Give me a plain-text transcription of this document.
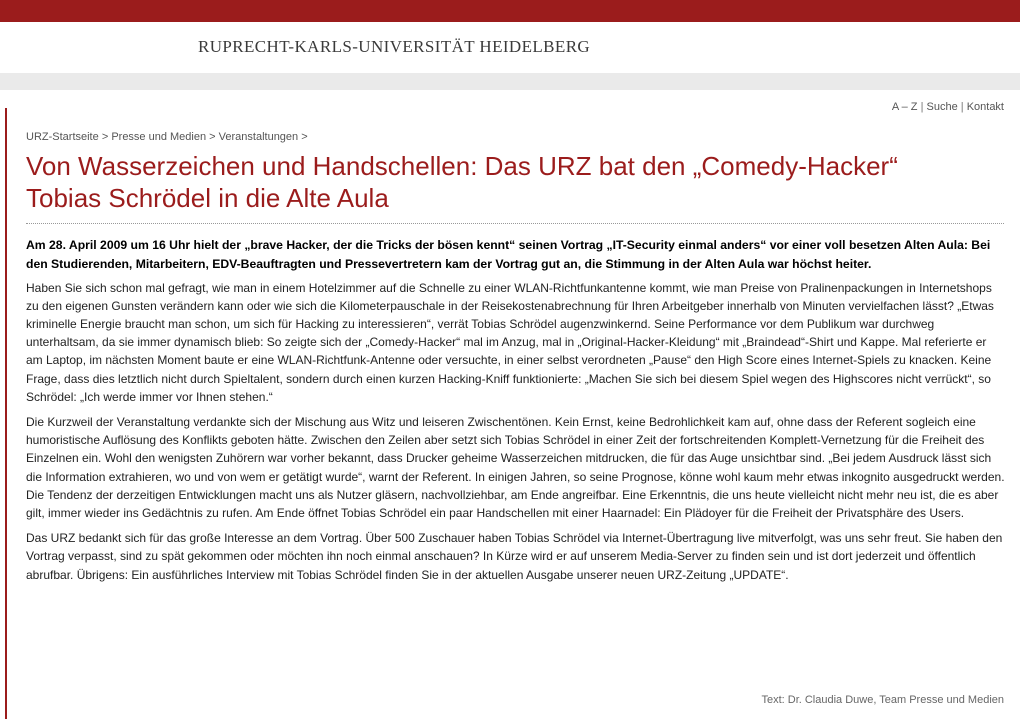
RUPRECHT-KARLS-UNIVERSITÄT HEIDELBERG
A – Z | Suche | Kontakt
URZ-Startseite > Presse und Medien > Veranstaltungen >
Von Wasserzeichen und Handschellen: Das URZ bat den „Comedy-Hacker“ Tobias Schrödel in die Alte Aula

Am 28. April 2009 um 16 Uhr hielt der „brave Hacker, der die Tricks der bösen kennt“ seinen Vortrag „IT-Security einmal anders“ vor einer voll besetzen Alten Aula: Bei den Studierenden, Mitarbeitern, EDV-Beauftragten und Pressevertretern kam der Vortrag gut an, die Stimmung in der Alten Aula war höchst heiter.

Haben Sie sich schon mal gefragt, wie man in einem Hotelzimmer auf die Schnelle zu einer WLAN-Richtfunkantenne kommt, wie man Preise von Pralinenpackungen in Internetshops zu den eigenen Gunsten verändern kann oder wie sich die Kilometerpauschale in der Reisekostenabrechnung für Ihren Arbeitgeber innerhalb von Minuten vervielfachen lässt? „Etwas kriminelle Energie braucht man schon, um sich für Hacking zu interessieren“, verrät Tobias Schrödel augenzwinkernd. Seine Performance vor dem Publikum war durchweg unterhaltsam, da sie immer dynamisch blieb: So zeigte sich der „Comedy-Hacker“ mal im Anzug, mal in „Original-Hacker-Kleidung“ mit „Braindead“-Shirt und Kappe. Mal referierte er am Laptop, im nächsten Moment baute er eine WLAN-Richtfunk-Antenne oder versuchte, in einer selbst verordneten „Pause“ den High Score eines Internet-Spiels zu knacken. Keine Frage, dass dies letztlich nicht durch Spieltalent, sondern durch einen kurzen Hacking-Kniff funktionierte: „Machen Sie sich bei diesem Spiel wegen des Highscores nicht verrückt“, so Schrödel: „Ich werde immer vor Ihnen stehen.“

Die Kurzweil der Veranstaltung verdankte sich der Mischung aus Witz und leiseren Zwischentönen. Kein Ernst, keine Bedrohlichkeit kam auf, ohne dass der Referent sogleich eine humoristische Auflösung des Konflikts geboten hätte. Zwischen den Zeilen aber setzt sich Tobias Schrödel in einer Zeit der fortschreitenden Komplett-Vernetzung für die Freiheit des Einzelnen ein. Wohl den wenigsten Zuhörern war vorher bekannt, dass Drucker geheime Wasserzeichen mitdrucken, die für das Auge unsichtbar sind. „Bei jedem Ausdruck lässt sich die Information extrahieren, wo und von wem er getätigt wurde“, warnt der Referent. In einigen Jahren, so seine Prognose, könne wohl kaum mehr etwas inkognito ausgedruckt werden. Die Tendenz der derzeitigen Entwicklungen macht uns als Nutzer gläsern, nachvollziehbar, am Ende angreifbar. Eine Erkenntnis, die uns heute vielleicht nicht mehr neu ist, die es aber gilt, immer wieder ins Gedächtnis zu rufen. Am Ende öffnet Tobias Schrödel ein paar Handschellen mit einer Haarnadel: Ein Plädoyer für die Freiheit der Privatsphäre des Users.

Das URZ bedankt sich für das große Interesse an dem Vortrag. Über 500 Zuschauer haben Tobias Schrödel via Internet-Übertragung live mitverfolgt, was uns sehr freut. Sie haben den Vortrag verpasst, sind zu spät gekommen oder möchten ihn noch einmal anschauen? In Kürze wird er auf unserem Media-Server zu finden sein und ist dort jederzeit und öffentlich abrufbar. Übrigens: Ein ausführliches Interview mit Tobias Schrödel finden Sie in der aktuellen Ausgabe unserer neuen URZ-Zeitung „UPDATE“.

Text: Dr. Claudia Duwe, Team Presse und Medien
